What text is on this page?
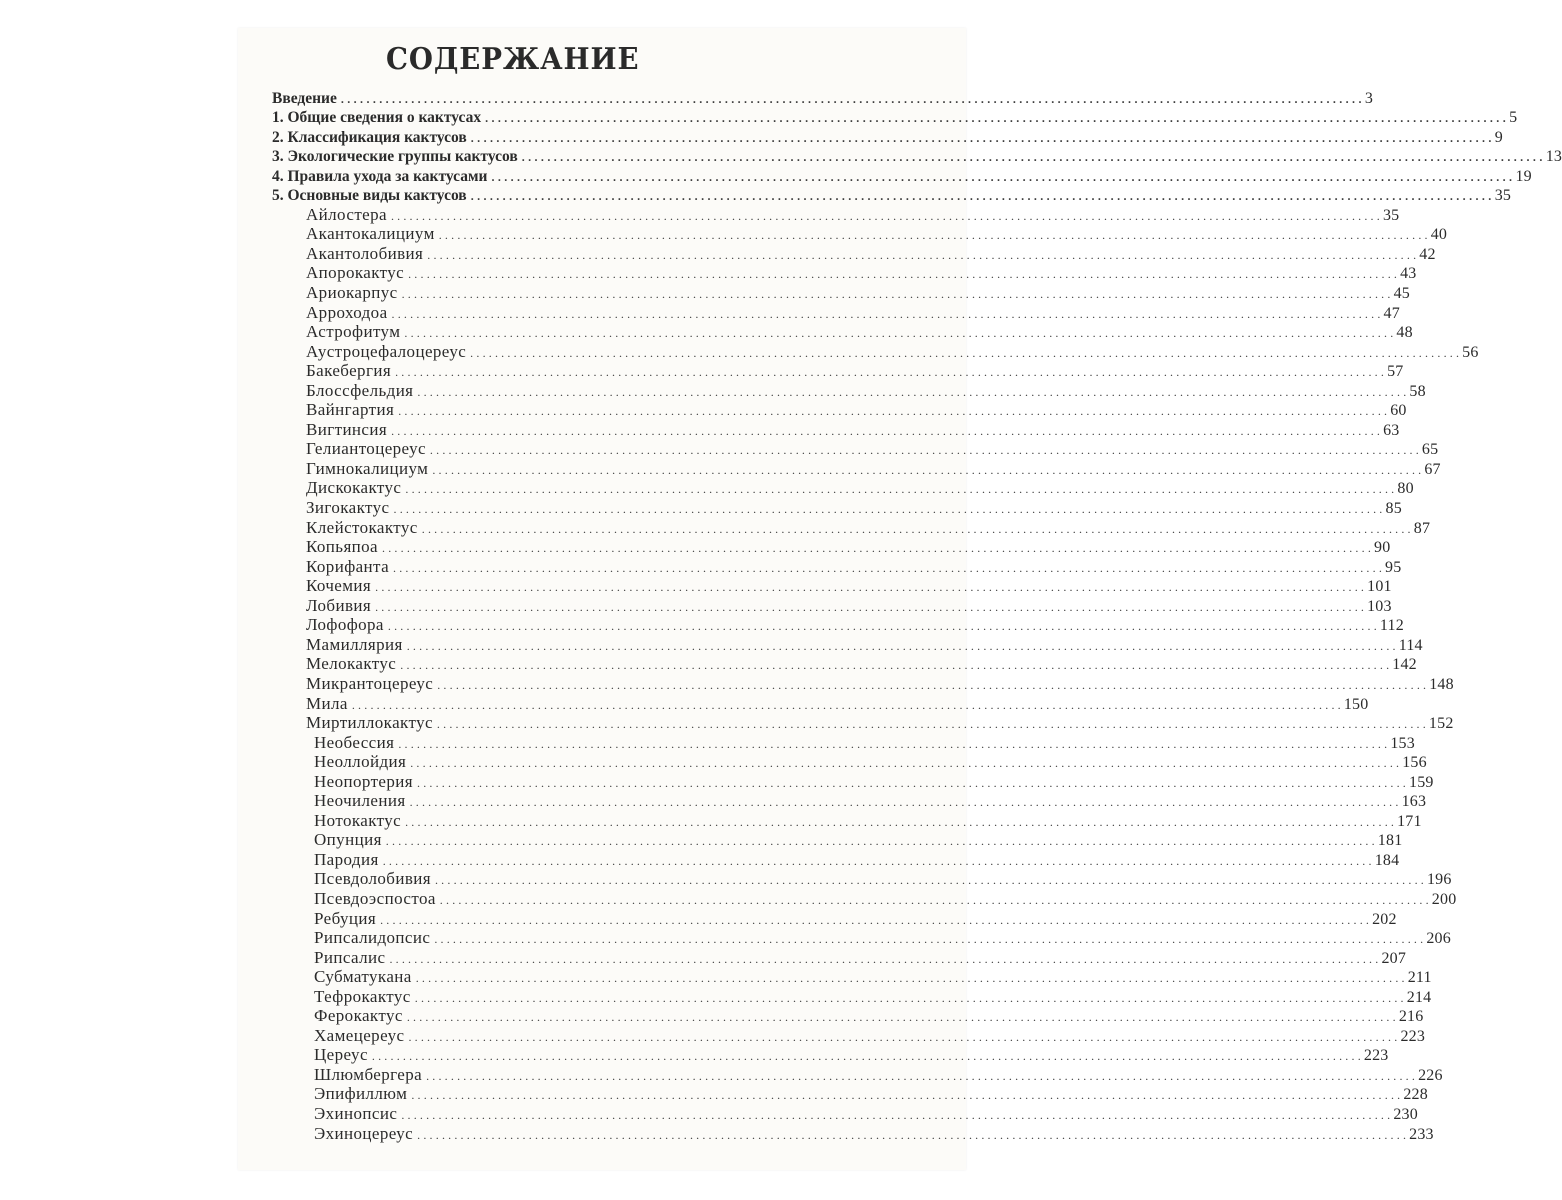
СОДЕРЖАНИЕ
Введение ................................................................................................................................................................ 3
1. Общие сведения о кактусах ................................................................................................................................................................ 5
2. Классификация кактусов ................................................................................................................................................................ 9
3. Экологические группы кактусов ................................................................................................................................................................ 13
4. Правила ухода за кактусами ................................................................................................................................................................ 19
5. Основные виды кактусов ................................................................................................................................................................ 35
Айлостера ................................................................................................................................................................ 35
Акантокалициум ................................................................................................................................................................ 40
Акантолобивия ................................................................................................................................................................ 42
Апорокактус ................................................................................................................................................................ 43
Ариокарпус ................................................................................................................................................................ 45
Арроходоа ................................................................................................................................................................ 47
Астрофитум ................................................................................................................................................................ 48
Аустроцефалоцереус ................................................................................................................................................................ 56
Бакебергия ................................................................................................................................................................ 57
Блоссфельдия ................................................................................................................................................................ 58
Вайнгартия ................................................................................................................................................................ 60
Вигтинсия ................................................................................................................................................................ 63
Гелиантоцереус ................................................................................................................................................................ 65
Гимнокалициум ................................................................................................................................................................ 67
Дискокактус ................................................................................................................................................................ 80
Зигокактус ................................................................................................................................................................ 85
Клейстокактус ................................................................................................................................................................ 87
Копьяпоа ................................................................................................................................................................ 90
Корифанта ................................................................................................................................................................ 95
Кочемия ................................................................................................................................................................ 101
Лобивия ................................................................................................................................................................ 103
Лофофора ................................................................................................................................................................ 112
Мамиллярия ................................................................................................................................................................ 114
Мелокактус ................................................................................................................................................................ 142
Микрантоцереус ................................................................................................................................................................ 148
Мила ................................................................................................................................................................ 150
Миртиллокактус ................................................................................................................................................................ 152
Необессия ................................................................................................................................................................ 153
Неоллойдия ................................................................................................................................................................ 156
Неопортерия ................................................................................................................................................................ 159
Неочиления ................................................................................................................................................................ 163
Нотокактус ................................................................................................................................................................ 171
Опунция ................................................................................................................................................................ 181
Пародия ................................................................................................................................................................ 184
Псевдолобивия ................................................................................................................................................................ 196
Псевдоэспостоа ................................................................................................................................................................ 200
Ребуция ................................................................................................................................................................ 202
Рипсалидопсис ................................................................................................................................................................ 206
Рипсалис ................................................................................................................................................................ 207
Субматукана ................................................................................................................................................................ 211
Тефрокактус ................................................................................................................................................................ 214
Ферокактус ................................................................................................................................................................ 216
Хамецереус ................................................................................................................................................................ 223
Цереус ................................................................................................................................................................ 223
Шлюмбергера ................................................................................................................................................................ 226
Эпифиллюм ................................................................................................................................................................ 228
Эхинопсис ................................................................................................................................................................ 230
Эхиноцереус ................................................................................................................................................................ 233
